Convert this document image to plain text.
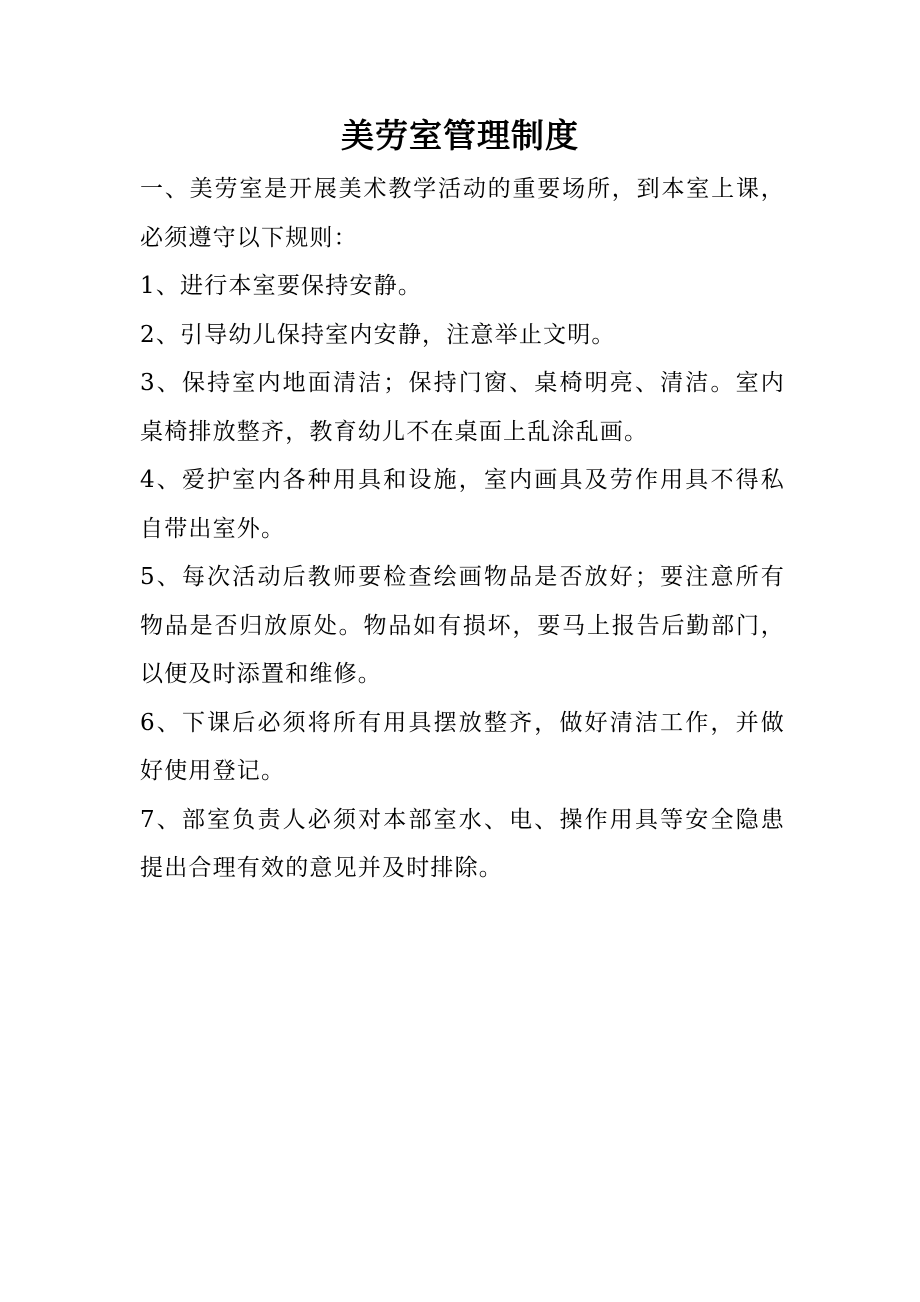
美劳室管理制度

一、美劳室是开展美术教学活动的重要场所，到本室上课，必须遵守以下规则：

1、进行本室要保持安静。

2、引导幼儿保持室内安静，注意举止文明。

3、保持室内地面清洁；保持门窗、桌椅明亮、清洁。室内桌椅排放整齐，教育幼儿不在桌面上乱涂乱画。

4、爱护室内各种用具和设施，室内画具及劳作用具不得私自带出室外。

5、每次活动后教师要检查绘画物品是否放好；要注意所有物品是否归放原处。物品如有损坏，要马上报告后勤部门，以便及时添置和维修。

6、下课后必须将所有用具摆放整齐，做好清洁工作，并做好使用登记。

7、部室负责人必须对本部室水、电、操作用具等安全隐患提出合理有效的意见并及时排除。
